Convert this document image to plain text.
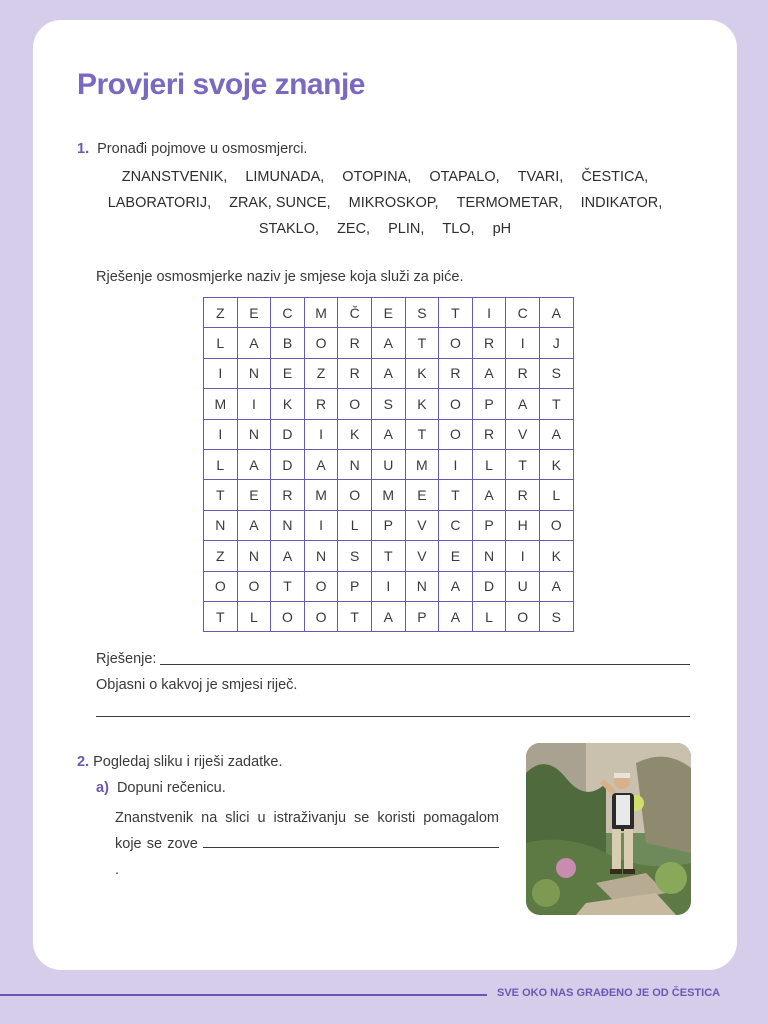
Provjeri svoje znanje
1. Pronađi pojmove u osmosmjerci.
ZNANSTVENIK, LIMUNADA, OTOPINA, OTAPALO, TVARI, ČESTICA,
LABORATORIJ, ZRAK, SUNCE, MIKROSKOP, TERMOMETAR, INDIKATOR,
STAKLO, ZEC, PLIN, TLO, pH
Rješenje osmosmjerke naziv je smjese koja služi za piće.
Z	E	C	M	Č	E	S	T	I	C	A
L	A	B	O	R	A	T	O	R	I	J
I	N	E	Z	R	A	K	R	A	R	S
M	I	K	R	O	S	K	O	P	A	T
I	N	D	I	K	A	T	O	R	V	A
L	A	D	A	N	U	M	I	L	T	K
T	E	R	M	O	M	E	T	A	R	L
N	A	N	I	L	P	V	C	P	H	O
Z	N	A	N	S	T	V	E	N	I	K
O	O	T	O	P	I	N	A	D	U	A
T	L	O	O	T	A	P	A	L	O	S
Rješenje:
Objasni o kakvoj je smjesi riječ.
2. Pogledaj sliku i riješi zadatke.
a) Dopuni rečenicu.
Znanstvenik na slici u istraživanju se koristi pomagalom koje se zove .
SVE OKO NAS GRAĐENO JE OD ČESTICA
